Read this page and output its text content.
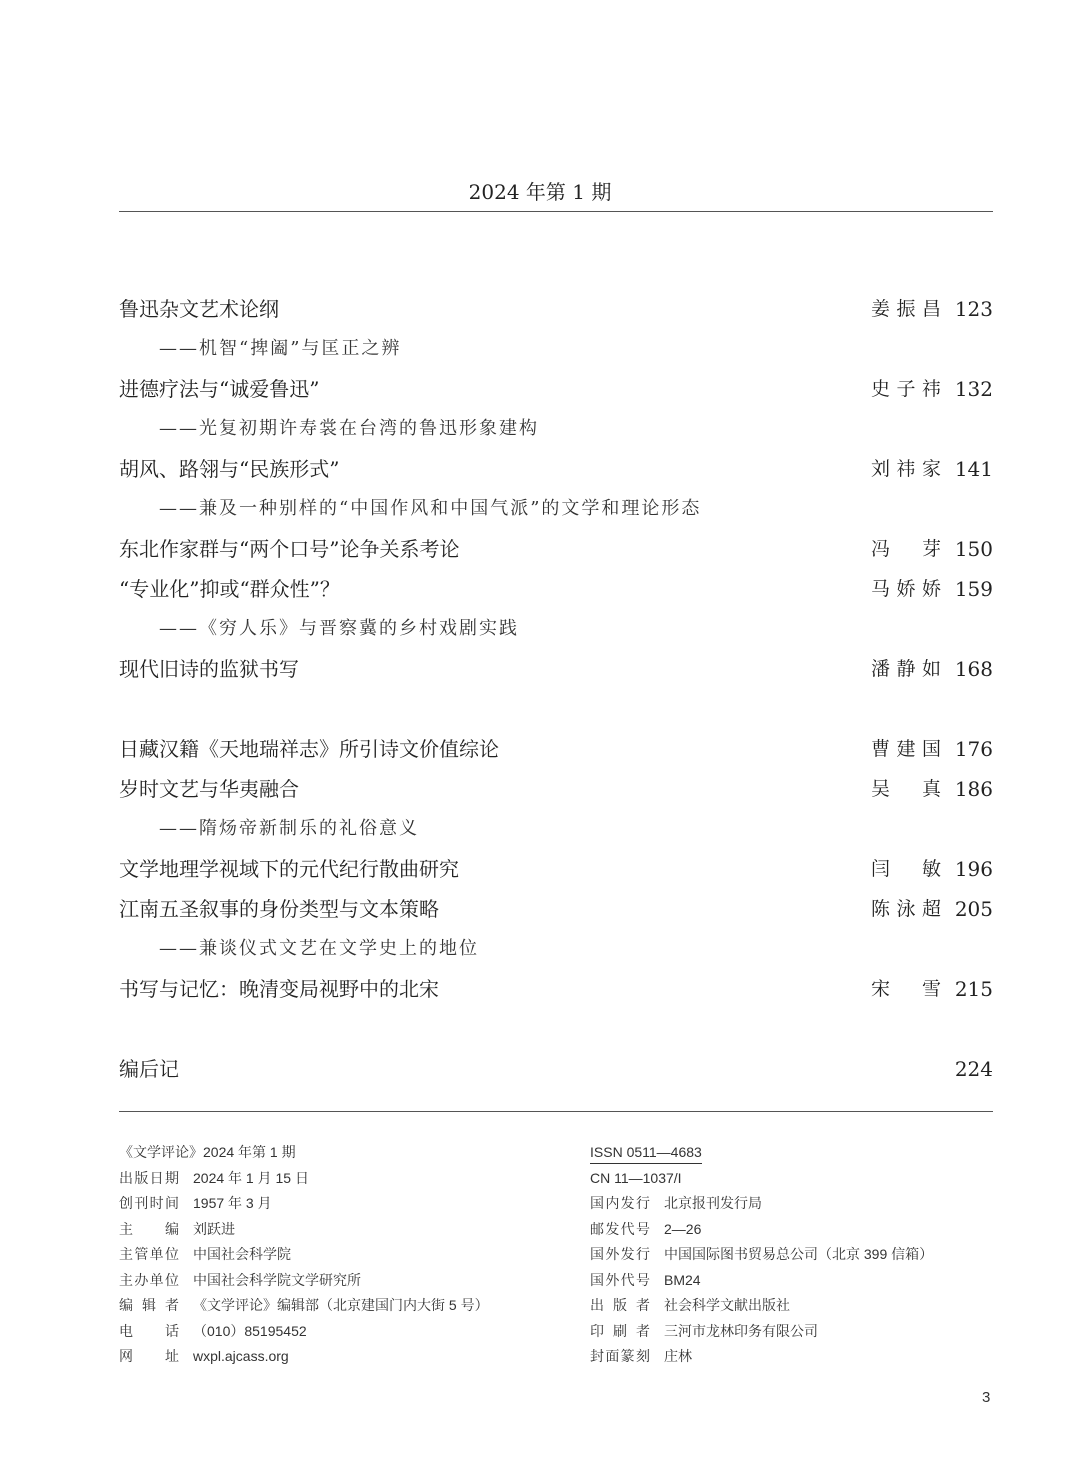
2024 年第 1 期
鲁迅杂文艺术论纲	姜振昌 123
——机智“捭阖”与匡正之辨
进德疗法与“诚爱鲁迅”	史子祎 132
——光复初期许寿裳在台湾的鲁迅形象建构
胡风、路翎与“民族形式”	刘祎家 141
——兼及一种别样的“中国作风和中国气派”的文学和理论形态
东北作家群与“两个口号”论争关系考论	冯芽 150
“专业化”抑或“群众性”？	马娇娇 159
——《穷人乐》与晋察冀的乡村戏剧实践
现代旧诗的监狱书写	潘静如 168
日藏汉籍《天地瑞祥志》所引诗文价值综论	曹建国 176
岁时文艺与华夷融合	吴真 186
——隋炀帝新制乐的礼俗意义
文学地理学视域下的元代纪行散曲研究	闫敏 196
江南五圣叙事的身份类型与文本策略	陈泳超 205
——兼谈仪式文艺在文学史上的地位
书写与记忆：晚清变局视野中的北宋	宋雪 215
编后记	224
《文学评论》2024 年第 1 期
出版日期 2024 年 1 月 15 日
创刊时间 1957 年 3 月
主编 刘跃进
主管单位 中国社会科学院
主办单位 中国社会科学院文学研究所
编辑者 《文学评论》编辑部（北京建国门内大街 5 号）
电话 （010）85195452
网址 wxpl.ajcass.org
ISSN 0511—4683
CN 11—1037/I
国内发行 北京报刊发行局
邮发代号 2—26
国外发行 中国国际图书贸易总公司（北京 399 信箱）
国外代号 BM24
出版者 社会科学文献出版社
印刷者 三河市龙林印务有限公司
封面篆刻 庄林
3
